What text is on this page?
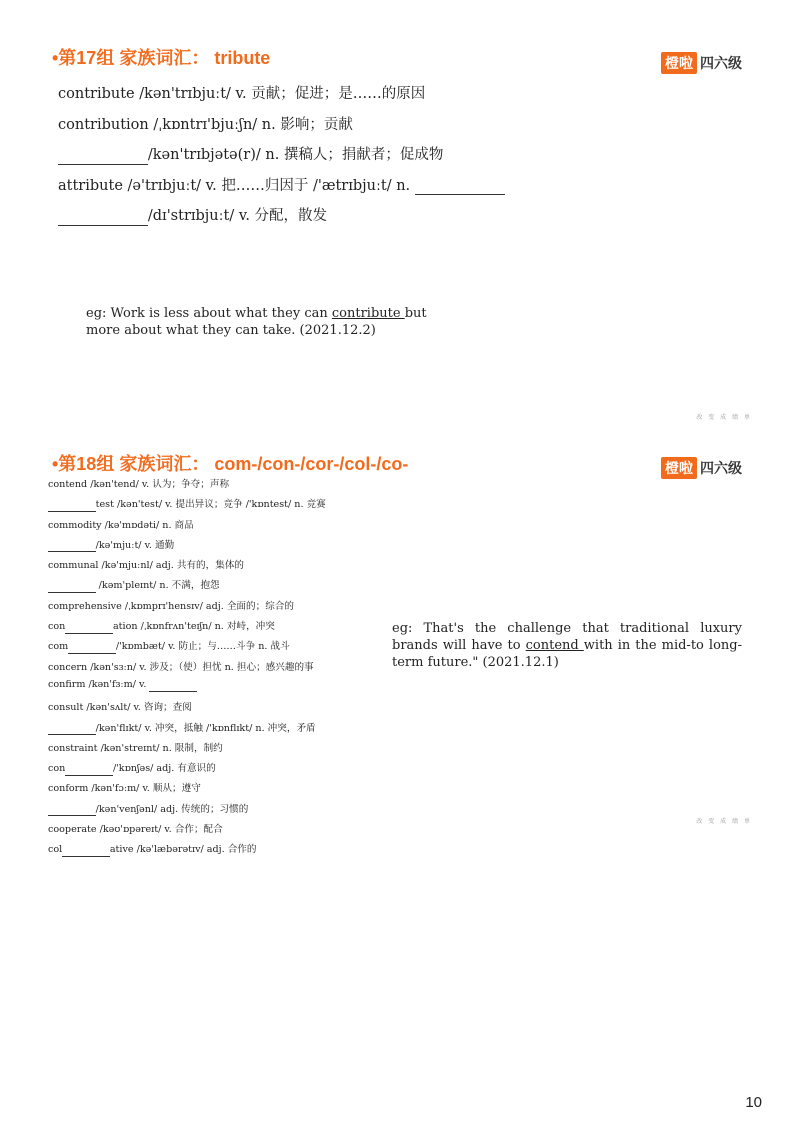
•第17组 家族词汇： tribute	橙啦 四六级
contribute /kən'trɪbjuːt/ v. 贡献；促进；是……的原因
contribution /ˌkɒntrɪ'bjuːʃn/ n. 影响；贡献
/kən'trɪbjətə(r)/ n. 撰稿人；捐献者；促成物
attribute /ə'trɪbjuːt/ v. 把……归因于 /'ætrɪbjuːt/ n.
/dɪ'strɪbjuːt/ v. 分配，散发
eg: Work is less about what they can contribute but more about what they can take. (2021.12.2)
改 变 成 绩 单
•第18组 家族词汇： com-/con-/cor-/col-/co-	橙啦 四六级
contend /kən'tend/ v. 认为；争夺；声称
test /kən'test/ v. 提出异议；竞争 /'kɒntest/ n. 竞赛
commodity /kə'mɒdəti/ n. 商品
/kə'mjuːt/ v. 通勤
communal /kə'mjuːnl/ adj. 共有的，集体的
/kəm'pleɪnt/ n. 不满，抱怨
comprehensive /ˌkɒmprɪ'hensɪv/ adj. 全面的；综合的
con	ation /ˌkɒnfrʌn'teɪʃn/ n. 对峙，冲突
com	/'kɒmbæt/ v. 防止；与……斗争 n. 战斗
concern /kən'sɜːn/ v. 涉及；（使）担忧 n. 担心；感兴趣的事
confirm /kən'fɜːm/ v.
consult /kən'sʌlt/ v. 咨询；查阅
/kən'flɪkt/ v. 冲突，抵触 /'kɒnflɪkt/ n. 冲突，矛盾
constraint /kən'streɪnt/ n. 限制，制约
con	/'kɒnʃəs/ adj. 有意识的
conform /kən'fɔːm/ v. 顺从；遵守
/kən'venʃənl/ adj. 传统的；习惯的
cooperate /kəʊ'ɒpəreɪt/ v. 合作；配合
col	ative /kə'læbərətɪv/ adj. 合作的
eg: That's the challenge that traditional luxury brands will have to contend with in the mid-to long-term future." (2021.12.1)
改 变 成 绩 单
10
